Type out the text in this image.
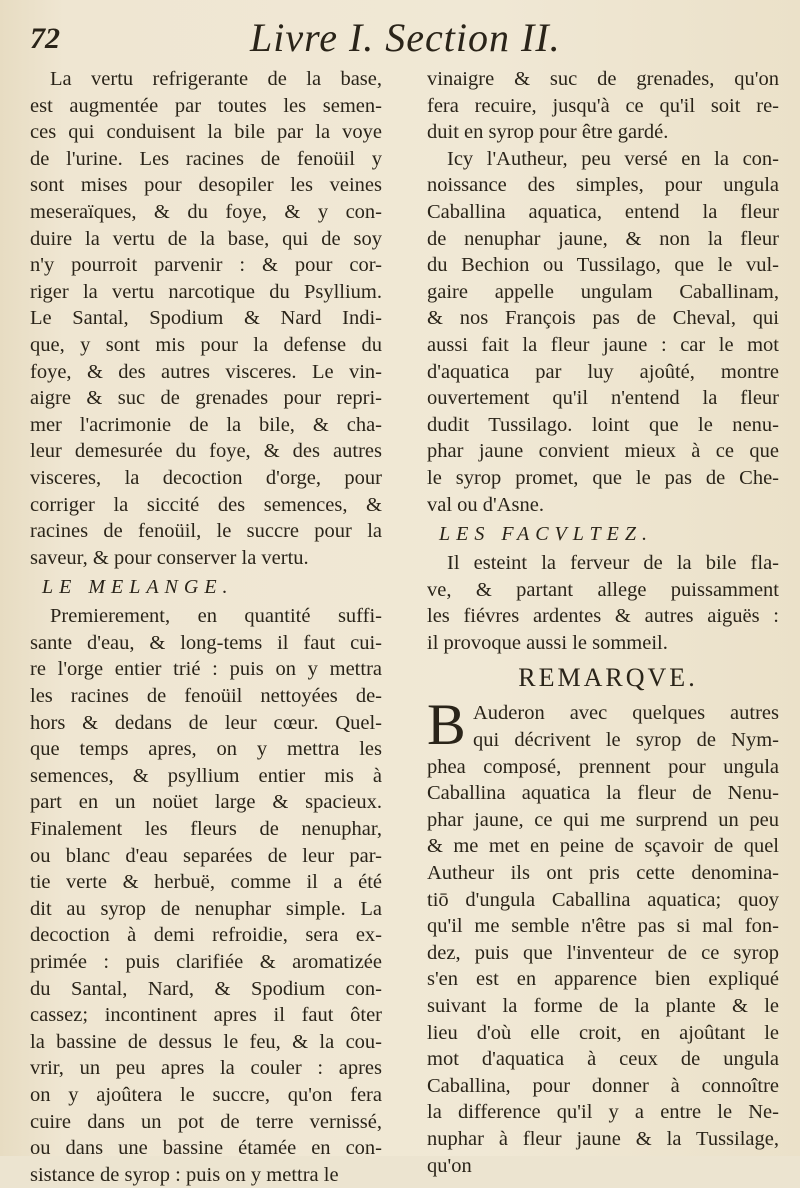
72	Livre I. Section II.
La vertu refrigerante de la base,
est augmentée par toutes les semen-
ces qui conduisent la bile par la voye
de l'urine. Les racines de fenoüil y
sont mises pour desopiler les veines
meseraïques, & du foye, & y con-
duire la vertu de la base, qui de soy
n'y pourroit parvenir : & pour cor-
riger la vertu narcotique du Psyllium.
Le Santal, Spodium & Nard Indi-
que, y sont mis pour la defense du
foye, & des autres visceres. Le vin-
aigre & suc de grenades pour repri-
mer l'acrimonie de la bile, & cha-
leur demesurée du foye, & des autres
visceres, la decoction d'orge, pour
corriger la siccité des semences, &
racines de fenoüil, le succre pour la
saveur, & pour conserver la vertu.
LE MELANGE.
Premierement, en quantité suffi-
sante d'eau, & long-tems il faut cui-
re l'orge entier trié : puis on y mettra
les racines de fenoüil nettoyées de-
hors & dedans de leur cœur. Quel-
que temps apres, on y mettra les
semences, & psyllium entier mis à
part en un noüet large & spacieux.
Finalement les fleurs de nenuphar,
ou blanc d'eau separées de leur par-
tie verte & herbuë, comme il a été
dit au syrop de nenuphar simple. La
decoction à demi refroidie, sera ex-
primée : puis clarifiée & aromatizée
du Santal, Nard, & Spodium con-
cassez; incontinent apres il faut ôter
la bassine de dessus le feu, & la cou-
vrir, un peu apres la couler : apres
on y ajoûtera le succre, qu'on fera
cuire dans un pot de terre vernissé,
ou dans une bassine étamée en con-
sistance de syrop : puis on y mettra le
vinaigre & suc de grenades, qu'on
fera recuire, jusqu'à ce qu'il soit re-
duit en syrop pour être gardé.
Icy l'Autheur, peu versé en la con-
noissance des simples, pour ungula
Caballina aquatica, entend la fleur
de nenuphar jaune, & non la fleur
du Bechion ou Tussilago, que le vul-
gaire appelle ungulam Caballinam,
& nos François pas de Cheval, qui
aussi fait la fleur jaune : car le mot
d'aquatica par luy ajoûté, montre
ouvertement qu'il n'entend la fleur
dudit Tussilago. loint que le nenu-
phar jaune convient mieux à ce que
le syrop promet, que le pas de Che-
val ou d'Asne.
LES FACVLTEZ.
Il esteint la ferveur de la bile fla-
ve, & partant allege puissamment
les fiévres ardentes & autres aiguës :
il provoque aussi le sommeil.
REMARQVE.
B Auderon avec quelques autres
qui décrivent le syrop de Nym-
phea composé, prennent pour ungula
Caballina aquatica la fleur de Nenu-
phar jaune, ce qui me surprend un peu
& me met en peine de sçavoir de quel
Autheur ils ont pris cette denomina-
tiō d'ungula Caballina aquatica; quoy
qu'il me semble n'être pas si mal fon-
dez, puis que l'inventeur de ce syrop
s'en est en apparence bien expliqué
suivant la forme de la plante & le
lieu d'où elle croit, en ajoûtant le
mot d'aquatica à ceux de ungula
Caballina, pour donner à connoître
la difference qu'il y a entre le Ne-
nuphar à fleur jaune & la Tussilage,
qu'on
